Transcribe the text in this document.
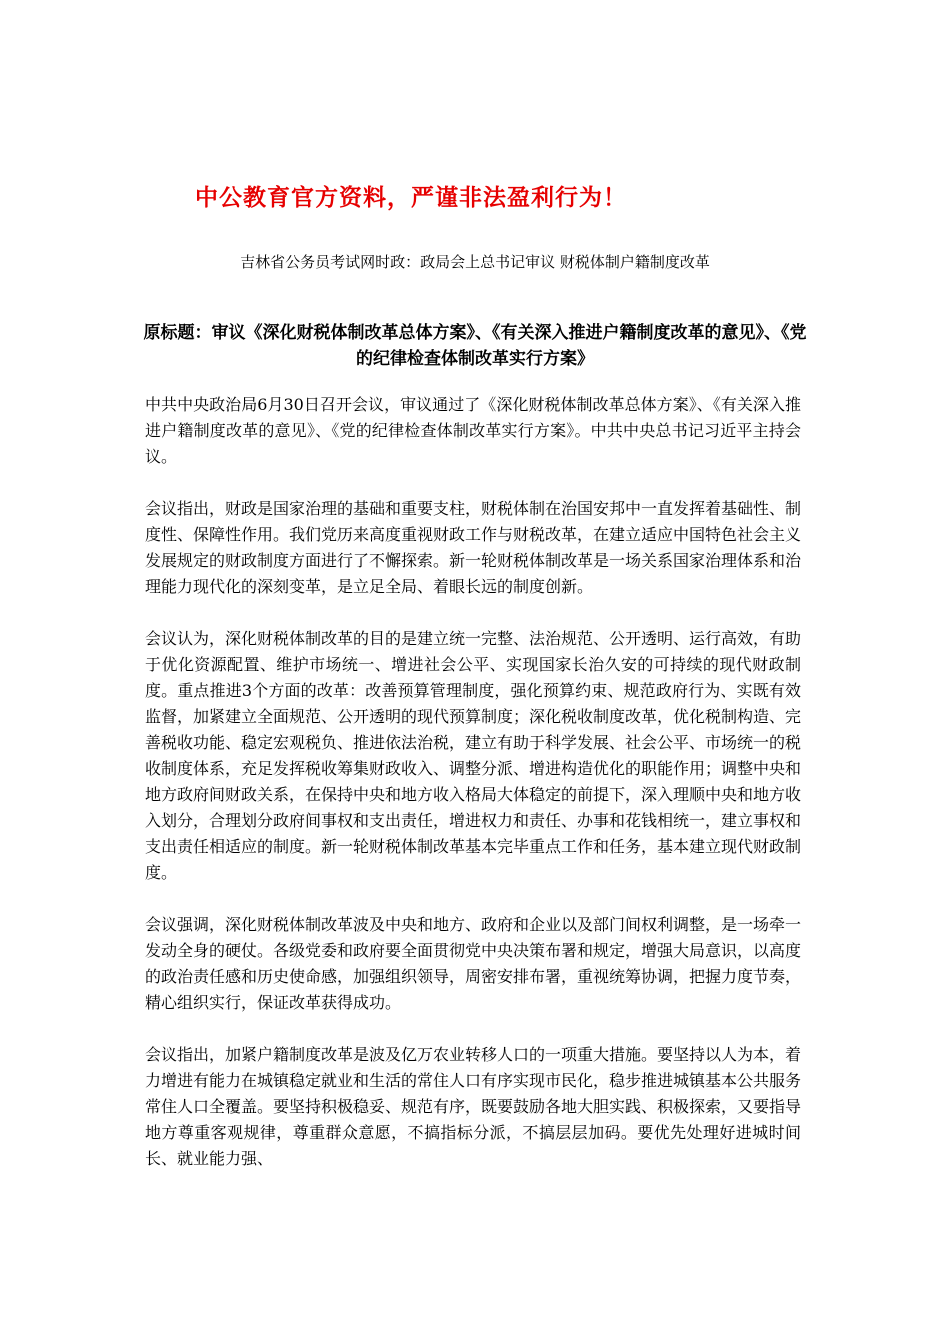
中公教育官方资料，严谨非法盈利行为！
吉林省公务员考试网时政：政局会上总书记审议 财税体制户籍制度改革
原标题：审议《深化财税体制改革总体方案》、《有关深入推进户籍制度改革的意见》、《党的纪律检查体制改革实行方案》

中共中央政治局6月30日召开会议，审议通过了《深化财税体制改革总体方案》、《有关深入推进户籍制度改革的意见》、《党的纪律检查体制改革实行方案》。中共中央总书记习近平主持会议。

会议指出，财政是国家治理的基础和重要支柱，财税体制在治国安邦中一直发挥着基础性、制度性、保障性作用。我们党历来高度重视财政工作与财税改革，在建立适应中国特色社会主义发展规定的财政制度方面进行了不懈探索。新一轮财税体制改革是一场关系国家治理体系和治理能力现代化的深刻变革，是立足全局、着眼长远的制度创新。

会议认为，深化财税体制改革的目的是建立统一完整、法治规范、公开透明、运行高效，有助于优化资源配置、维护市场统一、增进社会公平、实现国家长治久安的可持续的现代财政制度。重点推进3个方面的改革：改善预算管理制度，强化预算约束、规范政府行为、实既有效监督，加紧建立全面规范、公开透明的现代预算制度；深化税收制度改革，优化税制构造、完善税收功能、稳定宏观税负、推进依法治税，建立有助于科学发展、社会公平、市场统一的税收制度体系，充足发挥税收筹集财政收入、调整分派、增进构造优化的职能作用；调整中央和地方政府间财政关系，在保持中央和地方收入格局大体稳定的前提下，深入理顺中央和地方收入划分，合理划分政府间事权和支出责任，增进权力和责任、办事和花钱相统一，建立事权和支出责任相适应的制度。新一轮财税体制改革基本完毕重点工作和任务，基本建立现代财政制度。

会议强调，深化财税体制改革波及中央和地方、政府和企业以及部门间权利调整，是一场牵一发动全身的硬仗。各级党委和政府要全面贯彻党中央决策布署和规定，增强大局意识，以高度的政治责任感和历史使命感，加强组织领导，周密安排布署，重视统筹协调，把握力度节奏，精心组织实行，保证改革获得成功。

会议指出，加紧户籍制度改革是波及亿万农业转移人口的一项重大措施。要坚持以人为本，着力增进有能力在城镇稳定就业和生活的常住人口有序实现市民化，稳步推进城镇基本公共服务常住人口全覆盖。要坚持积极稳妥、规范有序，既要鼓励各地大胆实践、积极探索，又要指导地方尊重客观规律，尊重群众意愿，不搞指标分派，不搞层层加码。要优先处理好进城时间长、就业能力强、
